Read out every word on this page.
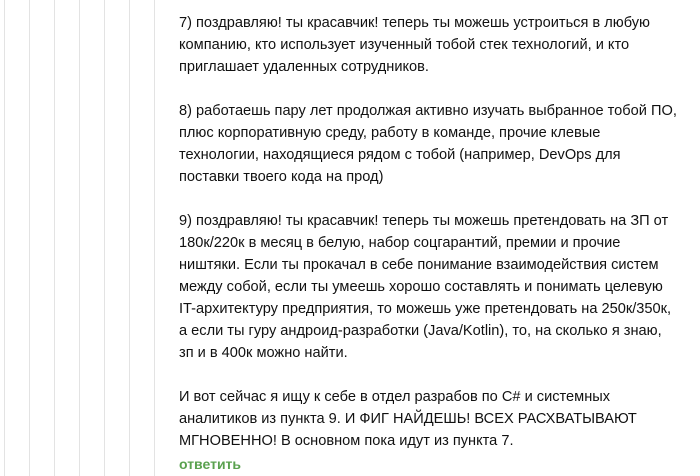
7) поздравляю! ты красавчик! теперь ты можешь устроиться в любую компанию, кто использует изученный тобой стек технологий, и кто приглашает удаленных сотрудников.

8) работаешь пару лет продолжая активно изучать выбранное тобой ПО, плюс корпоративную среду, работу в команде, прочие клевые технологии, находящиеся рядом с тобой (например, DevOps для поставки твоего кода на прод)

9) поздравляю! ты красавчик! теперь ты можешь претендовать на ЗП от 180к/220к в месяц в белую, набор соцгарантий, премии и прочие ништяки. Если ты прокачал в себе понимание взаимодействия систем между собой, если ты умеешь хорошо составлять и понимать целевую IT-архитектуру предприятия, то можешь уже претендовать на 250к/350к, а если ты гуру андроид-разработки (Java/Kotlin), то, на сколько я знаю, зп и в 400к можно найти.

И вот сейчас я ищу к себе в отдел разрабов по C# и системных аналитиков из пункта 9. И ФИГ НАЙДЕШЬ! ВСЕХ РАСХВАТЫВАЮТ МГНОВЕННО! В основном пока идут из пункта 7.

ответить
